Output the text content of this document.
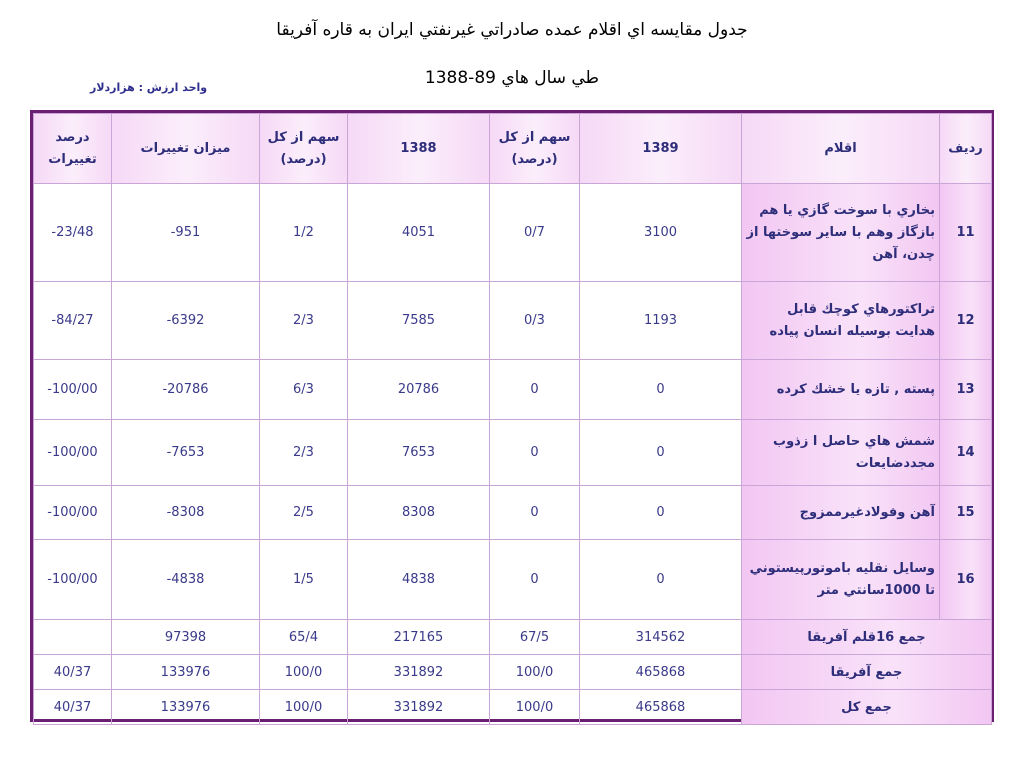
جدول مقايسه اي اقلام عمده صادراتي غيرنفتي ايران به قاره آفريقا
طي سال هاي 89-1388
واحد ارزش : هزاردلار
رديف	اقلام	1389	سهم از كل (درصد)	1388	سهم از كل (درصد)	ميزان تغييرات	درصد تغييرات
11	بخاري با سوخت گازي يا هم بازگاز وهم با ساير سوختها از چدن، آهن	3100	0/7	4051	1/2	-951	-23/48
12	تراكتورهاي كوچك قابل هدايت بوسيله انسان پياده	1193	0/3	7585	2/3	-6392	-84/27
13	پسته , تازه يا خشك كرده	0	0	20786	6/3	-20786	-100/00
14	شمش هاي حاصل ا زذوب مجددضايعات	0	0	7653	2/3	-7653	-100/00
15	آهن وفولادغيرممزوج	0	0	8308	2/5	-8308	-100/00
16	وسايل نقليه باموتورپيستوني تا 1000سانتي متر	0	0	4838	1/5	-4838	-100/00
جمع 16قلم آفريقا		314562	67/5	217165	65/4	97398	
جمع آفريقا		465868	100/0	331892	100/0	133976	40/37
جمع كل		465868	100/0	331892	100/0	133976	40/37
